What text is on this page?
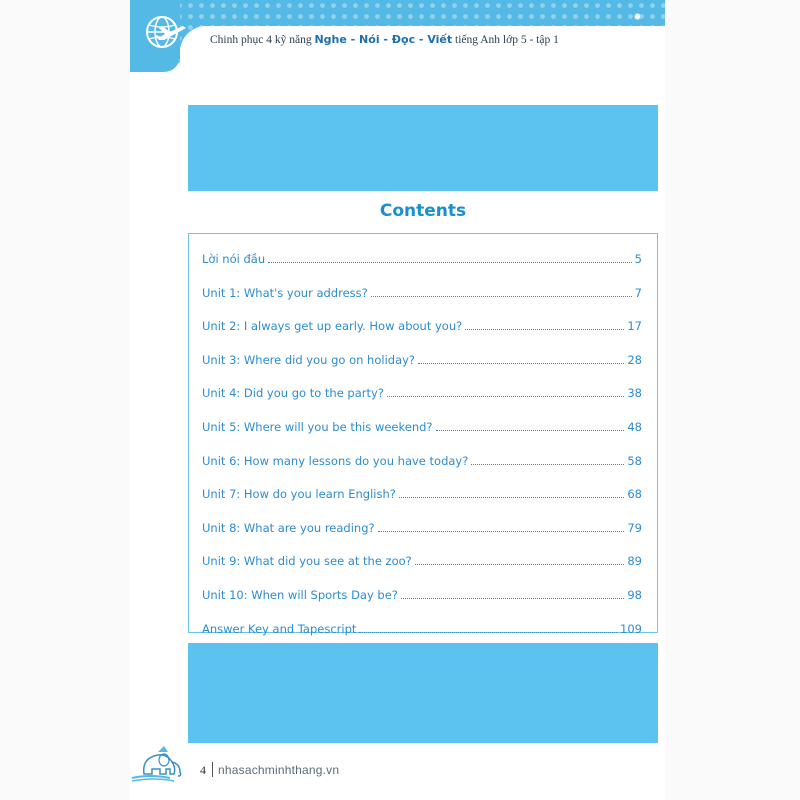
Chinh phục 4 kỹ năng Nghe - Nói - Đọc - Viết tiếng Anh lớp 5 - tập 1
Contents
Lời nói đầu	5
Unit 1: What's your address?	7
Unit 2: I always get up early. How about you?	17
Unit 3: Where did you go on holiday?	28
Unit 4: Did you go to the party?	38
Unit 5: Where will you be this weekend?	48
Unit 6: How many lessons do you have today?	58
Unit 7: How do you learn English?	68
Unit 8: What are you reading?	79
Unit 9: What did you see at the zoo?	89
Unit 10: When will Sports Day be?	98
Answer Key and Tapescript	109
4 nhasachminhthang.vn
